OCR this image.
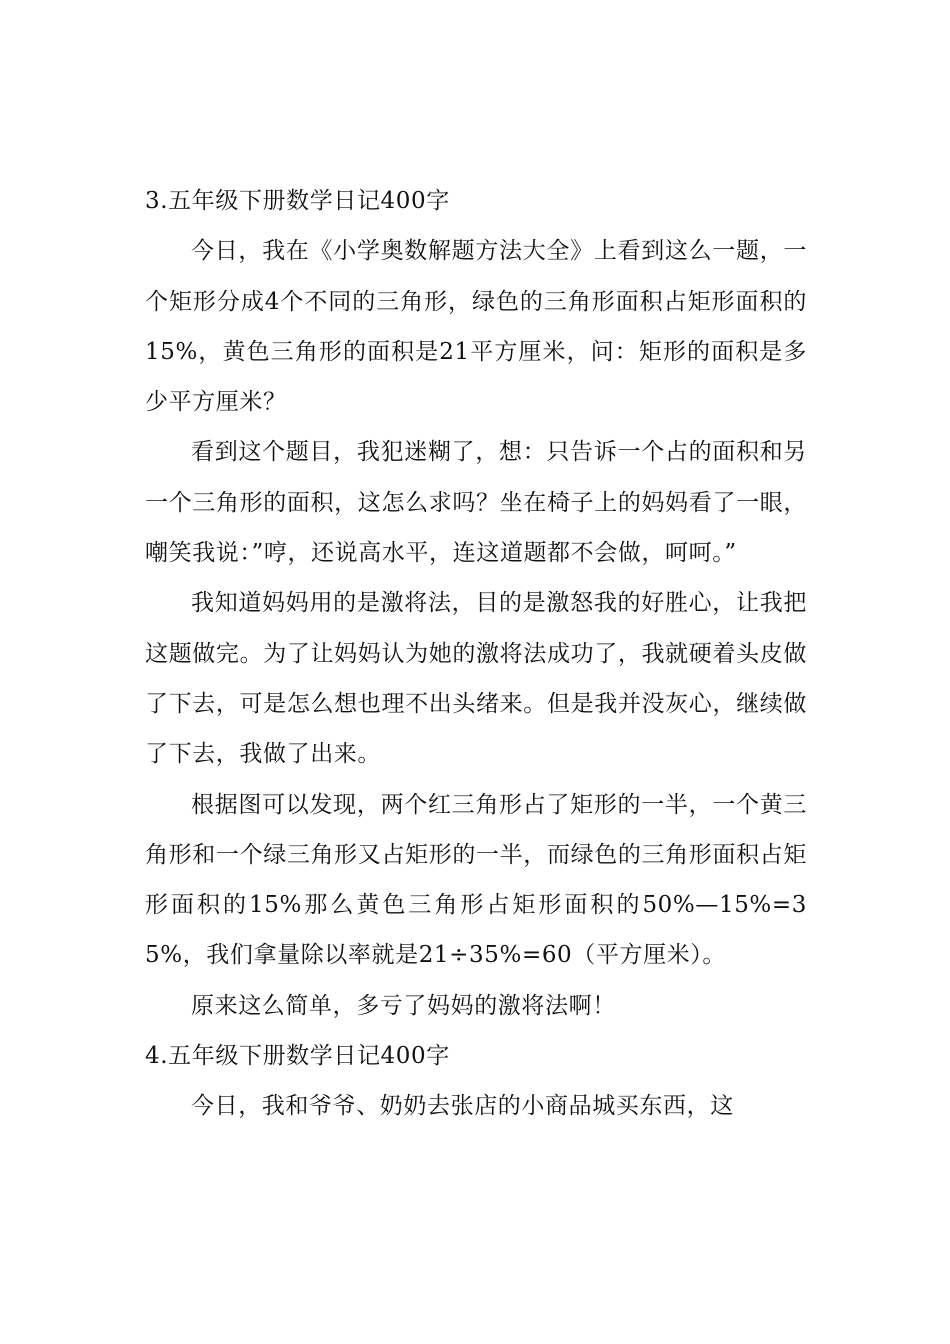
3.五年级下册数学日记400字

今日，我在《小学奥数解题方法大全》上看到这么一题，一个矩形分成4个不同的三角形，绿色的三角形面积占矩形面积的15%，黄色三角形的面积是21平方厘米，问：矩形的面积是多少平方厘米？

看到这个题目，我犯迷糊了，想：只告诉一个占的面积和另一个三角形的面积，这怎么求吗？坐在椅子上的妈妈看了一眼，嘲笑我说：”哼，还说高水平，连这道题都不会做，呵呵。”

我知道妈妈用的是激将法，目的是激怒我的好胜心，让我把这题做完。为了让妈妈认为她的激将法成功了，我就硬着头皮做了下去，可是怎么想也理不出头绪来。但是我并没灰心，继续做了下去，我做了出来。

根据图可以发现，两个红三角形占了矩形的一半，一个黄三角形和一个绿三角形又占矩形的一半，而绿色的三角形面积占矩形面积的15%那么黄色三角形占矩形面积的50%—15%=35%，我们拿量除以率就是21÷35%=60（平方厘米）。

原来这么简单，多亏了妈妈的激将法啊！

4.五年级下册数学日记400字

今日，我和爷爷、奶奶去张店的小商品城买东西，这
